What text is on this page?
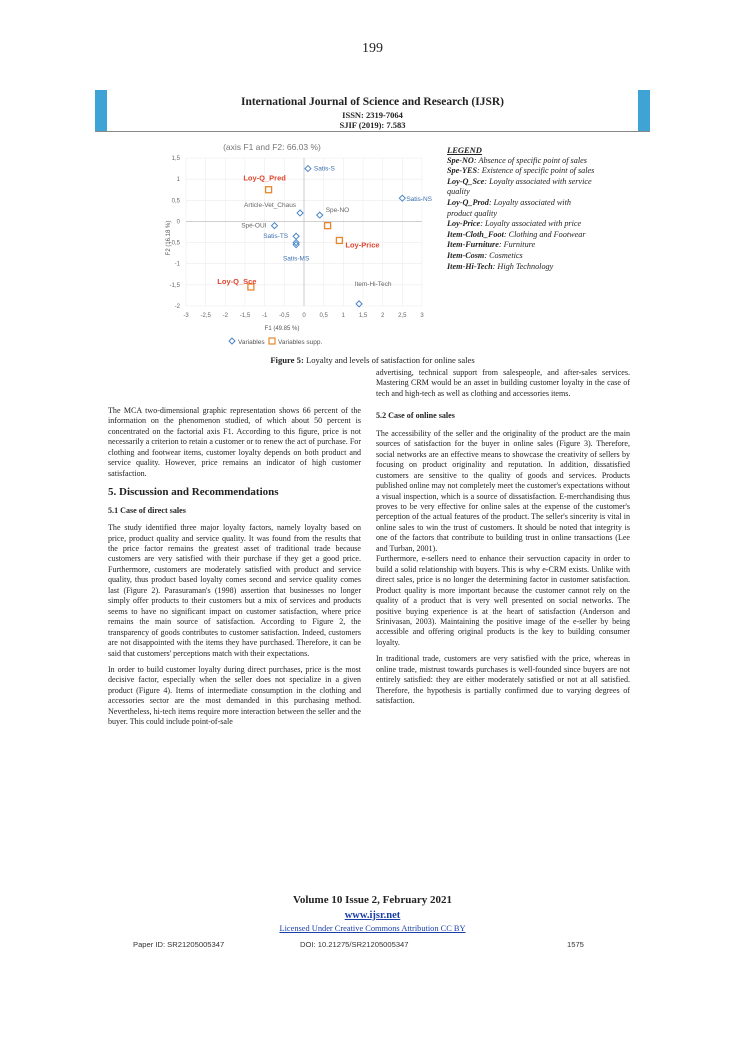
199
International Journal of Science and Research (IJSR)
ISSN: 2319-7064
SJIF (2019): 7.583
(axis F1 and F2: 66.03 %)
F2 (16.18 %)
F1 (49.85 %)
Variables Variables supp.
-3 -2,5 -2 -1,5 -1 -0,5 0 0,5 1 1,5 2 2,5 3
1,5
1
0,5
0
-0,5
-1
-1,5
-2
Satis-S
Satis-NS
Article-Vet_Chaus
Spe-NO
Spé-OUI
Satis-TS
Satis-MS
Item-Hi-Tech
Loy-Q_Pred
Loy-Price
Loy-Q_Sce
LEGEND
Spe-NO: Absence of specific point of sales
Spe-YES: Existence of specific point of sales
Loy-Q_Sce: Loyalty associated with service quality
Loy-Q_Prod: Loyalty associated with product quality
Loy-Price: Loyalty associated with price
Item-Cloth_Foot: Clothing and Footwear
Item-Furniture: Furniture
Item-Cosm: Cosmetics
Item-Hi-Tech: High Technology
Figure 5: Loyalty and levels of satisfaction for online sales

The MCA two-dimensional graphic representation shows 66 percent of the information on the phenomenon studied, of which about 50 percent is concentrated on the factorial axis F1. According to this figure, price is not necessarily a criterion to retain a customer or to renew the act of purchase. For clothing and footwear items, customer loyalty depends on both product and service quality. However, price remains an indicator of high customer satisfaction.

5. Discussion and Recommendations
5.1 Case of direct sales

The study identified three major loyalty factors, namely loyalty based on price, product quality and service quality. It was found from the results that the price factor remains the greatest asset of traditional trade because customers are very satisfied with their purchase if they get a good price. Furthermore, customers are moderately satisfied with product and service quality, thus product based loyalty comes second and service quality comes last (Figure 2). Parasuraman's (1998) assertion that businesses no longer simply offer products to their customers but a mix of services and products seems to have no significant impact on customer satisfaction, where price remains the main source of satisfaction. According to Figure 2, the transparency of goods contributes to customer satisfaction. Indeed, customers are not disappointed with the items they have purchased. Therefore, it can be said that customers' perceptions match with their expectations.

In order to build customer loyalty during direct purchases, price is the most decisive factor, especially when the seller does not specialize in a given product (Figure 4). Items of intermediate consumption in the clothing and accessories sector are the most demanded in this purchasing method. Nevertheless, hi-tech items require more interaction between the seller and the buyer. This could include point-of-sale

advertising, technical support from salespeople, and after-sales services. Mastering CRM would be an asset in building customer loyalty in the case of tech and high-tech as well as clothing and accessories items.

5.2 Case of online sales

The accessibility of the seller and the originality of the product are the main sources of satisfaction for the buyer in online sales (Figure 3). Therefore, social networks are an effective means to showcase the creativity of sellers by focusing on product originality and reputation. In addition, dissatisfied customers are sensitive to the quality of goods and services. Products published online may not completely meet the customer's expectations without a visual inspection, which is a source of dissatisfaction. E-merchandising thus proves to be very effective for online sales at the expense of the customer's perception of the actual features of the product. The seller's sincerity is vital in online sales to win the trust of customers. It should be noted that integrity is one of the factors that contribute to building trust in online transactions (Lee and Turban, 2001).

Furthermore, e-sellers need to enhance their servuction capacity in order to build a solid relationship with buyers. This is why e-CRM exists. Unlike with direct sales, price is no longer the determining factor in customer satisfaction. Product quality is more important because the customer cannot rely on the quality of a product that is very well presented on social networks. The positive buying experience is at the heart of satisfaction (Anderson and Srinivasan, 2003). Maintaining the positive image of the e-seller by being accessible and offering original products is the key to building consumer loyalty.

In traditional trade, customers are very satisfied with the price, whereas in online trade, mistrust towards purchases is well-founded since buyers are not entirely satisfied: they are either moderately satisfied or not at all satisfied. Therefore, the hypothesis is partially confirmed due to varying degrees of satisfaction.

Volume 10 Issue 2, February 2021
www.ijsr.net
Licensed Under Creative Commons Attribution CC BY
Paper ID: SR21205005347	DOI: 10.21275/SR21205005347	1575
